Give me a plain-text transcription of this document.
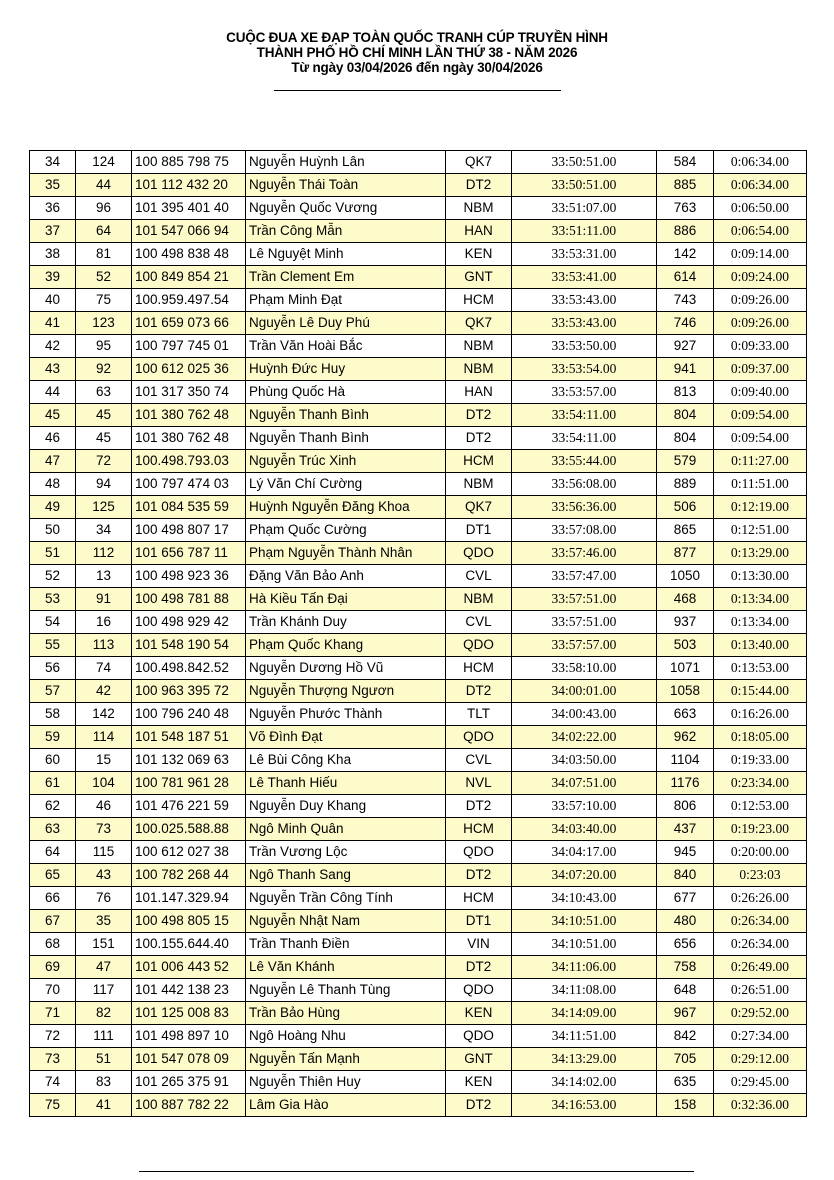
CUỘC ĐUA XE ĐẠP TOÀN QUỐC TRANH CÚP TRUYỀN HÌNH
THÀNH PHỐ HỒ CHÍ MINH LẦN THỨ 38 - NĂM 2026
Từ ngày 03/04/2026 đến ngày 30/04/2026
34	124	100 885 798 75	Nguyễn Huỳnh Lân	QK7	33:50:51.00	584	0:06:34.00
35	44	101 112 432 20	Nguyễn Thái Toàn	DT2	33:50:51.00	885	0:06:34.00
36	96	101 395 401 40	Nguyễn Quốc Vương	NBM	33:51:07.00	763	0:06:50.00
37	64	101 547 066 94	Trần Công Mẫn	HAN	33:51:11.00	886	0:06:54.00
38	81	100 498 838 48	Lê Nguyệt Minh	KEN	33:53:31.00	142	0:09:14.00
39	52	100 849 854 21	Trần Clement Em	GNT	33:53:41.00	614	0:09:24.00
40	75	100.959.497.54	Phạm Minh Đạt	HCM	33:53:43.00	743	0:09:26.00
41	123	101 659 073 66	Nguyễn Lê Duy Phú	QK7	33:53:43.00	746	0:09:26.00
42	95	100 797 745 01	Trần Văn Hoài Bắc	NBM	33:53:50.00	927	0:09:33.00
43	92	100 612 025 36	Huỳnh Đức Huy	NBM	33:53:54.00	941	0:09:37.00
44	63	101 317 350 74	Phùng Quốc Hà	HAN	33:53:57.00	813	0:09:40.00
45	45	101 380 762 48	Nguyễn Thanh Bình	DT2	33:54:11.00	804	0:09:54.00
46	45	101 380 762 48	Nguyễn Thanh Bình	DT2	33:54:11.00	804	0:09:54.00
47	72	100.498.793.03	Nguyễn Trúc Xinh	HCM	33:55:44.00	579	0:11:27.00
48	94	100 797 474 03	Lý Văn Chí Cường	NBM	33:56:08.00	889	0:11:51.00
49	125	101 084 535 59	Huỳnh Nguyễn Đăng Khoa	QK7	33:56:36.00	506	0:12:19.00
50	34	100 498 807 17	Phạm Quốc Cường	DT1	33:57:08.00	865	0:12:51.00
51	112	101 656 787 11	Phạm Nguyễn Thành Nhân	QDO	33:57:46.00	877	0:13:29.00
52	13	100 498 923 36	Đặng Văn Bảo Anh	CVL	33:57:47.00	1050	0:13:30.00
53	91	100 498 781 88	Hà Kiều Tấn Đại	NBM	33:57:51.00	468	0:13:34.00
54	16	100 498 929 42	Trần Khánh Duy	CVL	33:57:51.00	937	0:13:34.00
55	113	101 548 190 54	Phạm Quốc Khang	QDO	33:57:57.00	503	0:13:40.00
56	74	100.498.842.52	Nguyễn Dương Hồ Vũ	HCM	33:58:10.00	1071	0:13:53.00
57	42	100 963 395 72	Nguyễn Thượng Ngươn	DT2	34:00:01.00	1058	0:15:44.00
58	142	100 796 240 48	Nguyễn Phước Thành	TLT	34:00:43.00	663	0:16:26.00
59	114	101 548 187 51	Võ Đình Đạt	QDO	34:02:22.00	962	0:18:05.00
60	15	101 132 069 63	Lê Bùi Công Kha	CVL	34:03:50.00	1104	0:19:33.00
61	104	100 781 961 28	Lê Thanh Hiếu	NVL	34:07:51.00	1176	0:23:34.00
62	46	101 476 221 59	Nguyễn Duy Khang	DT2	33:57:10.00	806	0:12:53.00
63	73	100.025.588.88	Ngô Minh Quân	HCM	34:03:40.00	437	0:19:23.00
64	115	100 612 027 38	Trần Vương Lộc	QDO	34:04:17.00	945	0:20:00.00
65	43	100 782 268 44	Ngô Thanh Sang	DT2	34:07:20.00	840	0:23:03
66	76	101.147.329.94	Nguyễn Trần Công Tính	HCM	34:10:43.00	677	0:26:26.00
67	35	100 498 805 15	Nguyễn Nhật Nam	DT1	34:10:51.00	480	0:26:34.00
68	151	100.155.644.40	Trần Thanh Điền	VIN	34:10:51.00	656	0:26:34.00
69	47	101 006 443 52	Lê Văn Khánh	DT2	34:11:06.00	758	0:26:49.00
70	117	101 442 138 23	Nguyễn Lê Thanh Tùng	QDO	34:11:08.00	648	0:26:51.00
71	82	101 125 008 83	Trần Bảo Hùng	KEN	34:14:09.00	967	0:29:52.00
72	111	101 498 897 10	Ngô Hoàng Nhu	QDO	34:11:51.00	842	0:27:34.00
73	51	101 547 078 09	Nguyễn Tấn Mạnh	GNT	34:13:29.00	705	0:29:12.00
74	83	101 265 375 91	Nguyễn Thiên Huy	KEN	34:14:02.00	635	0:29:45.00
75	41	100 887 782 22	Lâm Gia Hào	DT2	34:16:53.00	158	0:32:36.00
